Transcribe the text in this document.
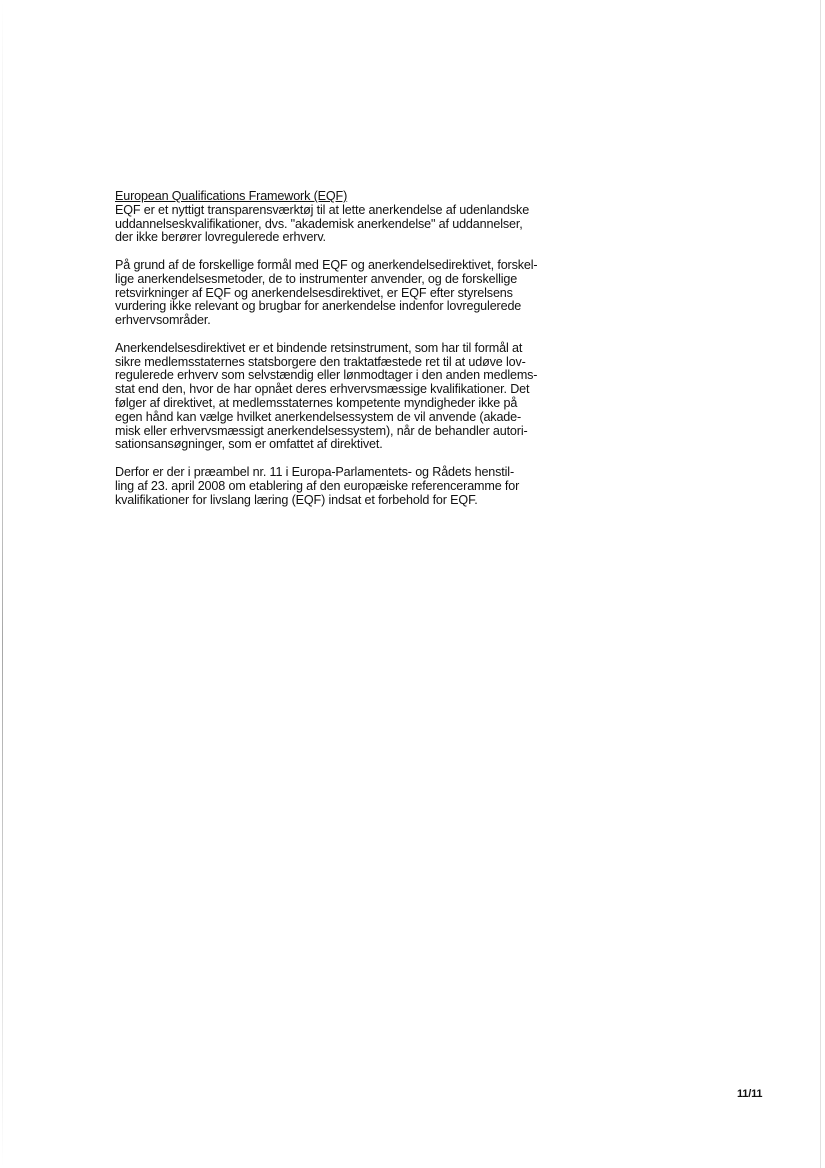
European Qualifications Framework (EQF)

EQF er et nyttigt transparensværktøj til at lette anerkendelse af udenlandske
uddannelseskvalifikationer, dvs. "akademisk anerkendelse" af uddannelser,
der ikke berører lovregulerede erhverv.

På grund af de forskellige formål med EQF og anerkendelsedirektivet, forskel-
lige anerkendelsesmetoder, de to instrumenter anvender, og de forskellige
retsvirkninger af EQF og anerkendelsesdirektivet, er EQF efter styrelsens
vurdering ikke relevant og brugbar for anerkendelse indenfor lovregulerede
erhvervsområder.

Anerkendelsesdirektivet er et bindende retsinstrument, som har til formål at
sikre medlemsstaternes statsborgere den traktatfæstede ret til at udøve lov-
regulerede erhverv som selvstændig eller lønmodtager i den anden medlems-
stat end den, hvor de har opnået deres erhvervsmæssige kvalifikationer. Det
følger af direktivet, at medlemsstaternes kompetente myndigheder ikke på
egen hånd kan vælge hvilket anerkendelsessystem de vil anvende (akade-
misk eller erhvervsmæssigt anerkendelsessystem), når de behandler autori-
sationsansøgninger, som er omfattet af direktivet.

Derfor er der i præambel nr. 11 i Europa-Parlamentets- og Rådets henstil-
ling af 23. april 2008 om etablering af den europæiske referenceramme for
kvalifikationer for livslang læring (EQF) indsat et forbehold for EQF.

11/11
